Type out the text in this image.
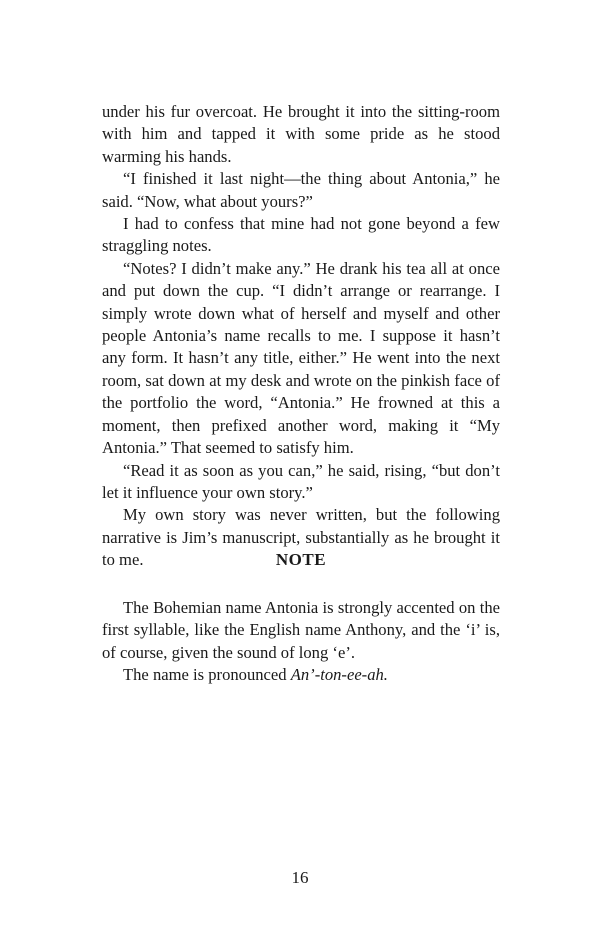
under his fur overcoat. He brought it into the sitting-room with him and tapped it with some pride as he stood warming his hands.

“I finished it last night—the thing about Antonia,” he said. “Now, what about yours?”

I had to confess that mine had not gone beyond a few straggling notes.

“Notes? I didn’t make any.” He drank his tea all at once and put down the cup. “I didn’t arrange or rearrange. I simply wrote down what of herself and myself and other people Antonia’s name recalls to me. I suppose it hasn’t any form. It hasn’t any title, either.” He went into the next room, sat down at my desk and wrote on the pinkish face of the portfolio the word, “Antonia.” He frowned at this a moment, then prefixed another word, making it “My Antonia.” That seemed to satisfy him.

“Read it as soon as you can,” he said, rising, “but don’t let it influence your own story.”

My own story was never written, but the following narrative is Jim’s manuscript, substantially as he brought it to me.	NOTE

The Bohemian name Antonia is strongly accented on the first syllable, like the English name Anthony, and the ‘i’ is, of course, given the sound of long ‘e’.

The name is pronounced An’-ton-ee-ah.

16
